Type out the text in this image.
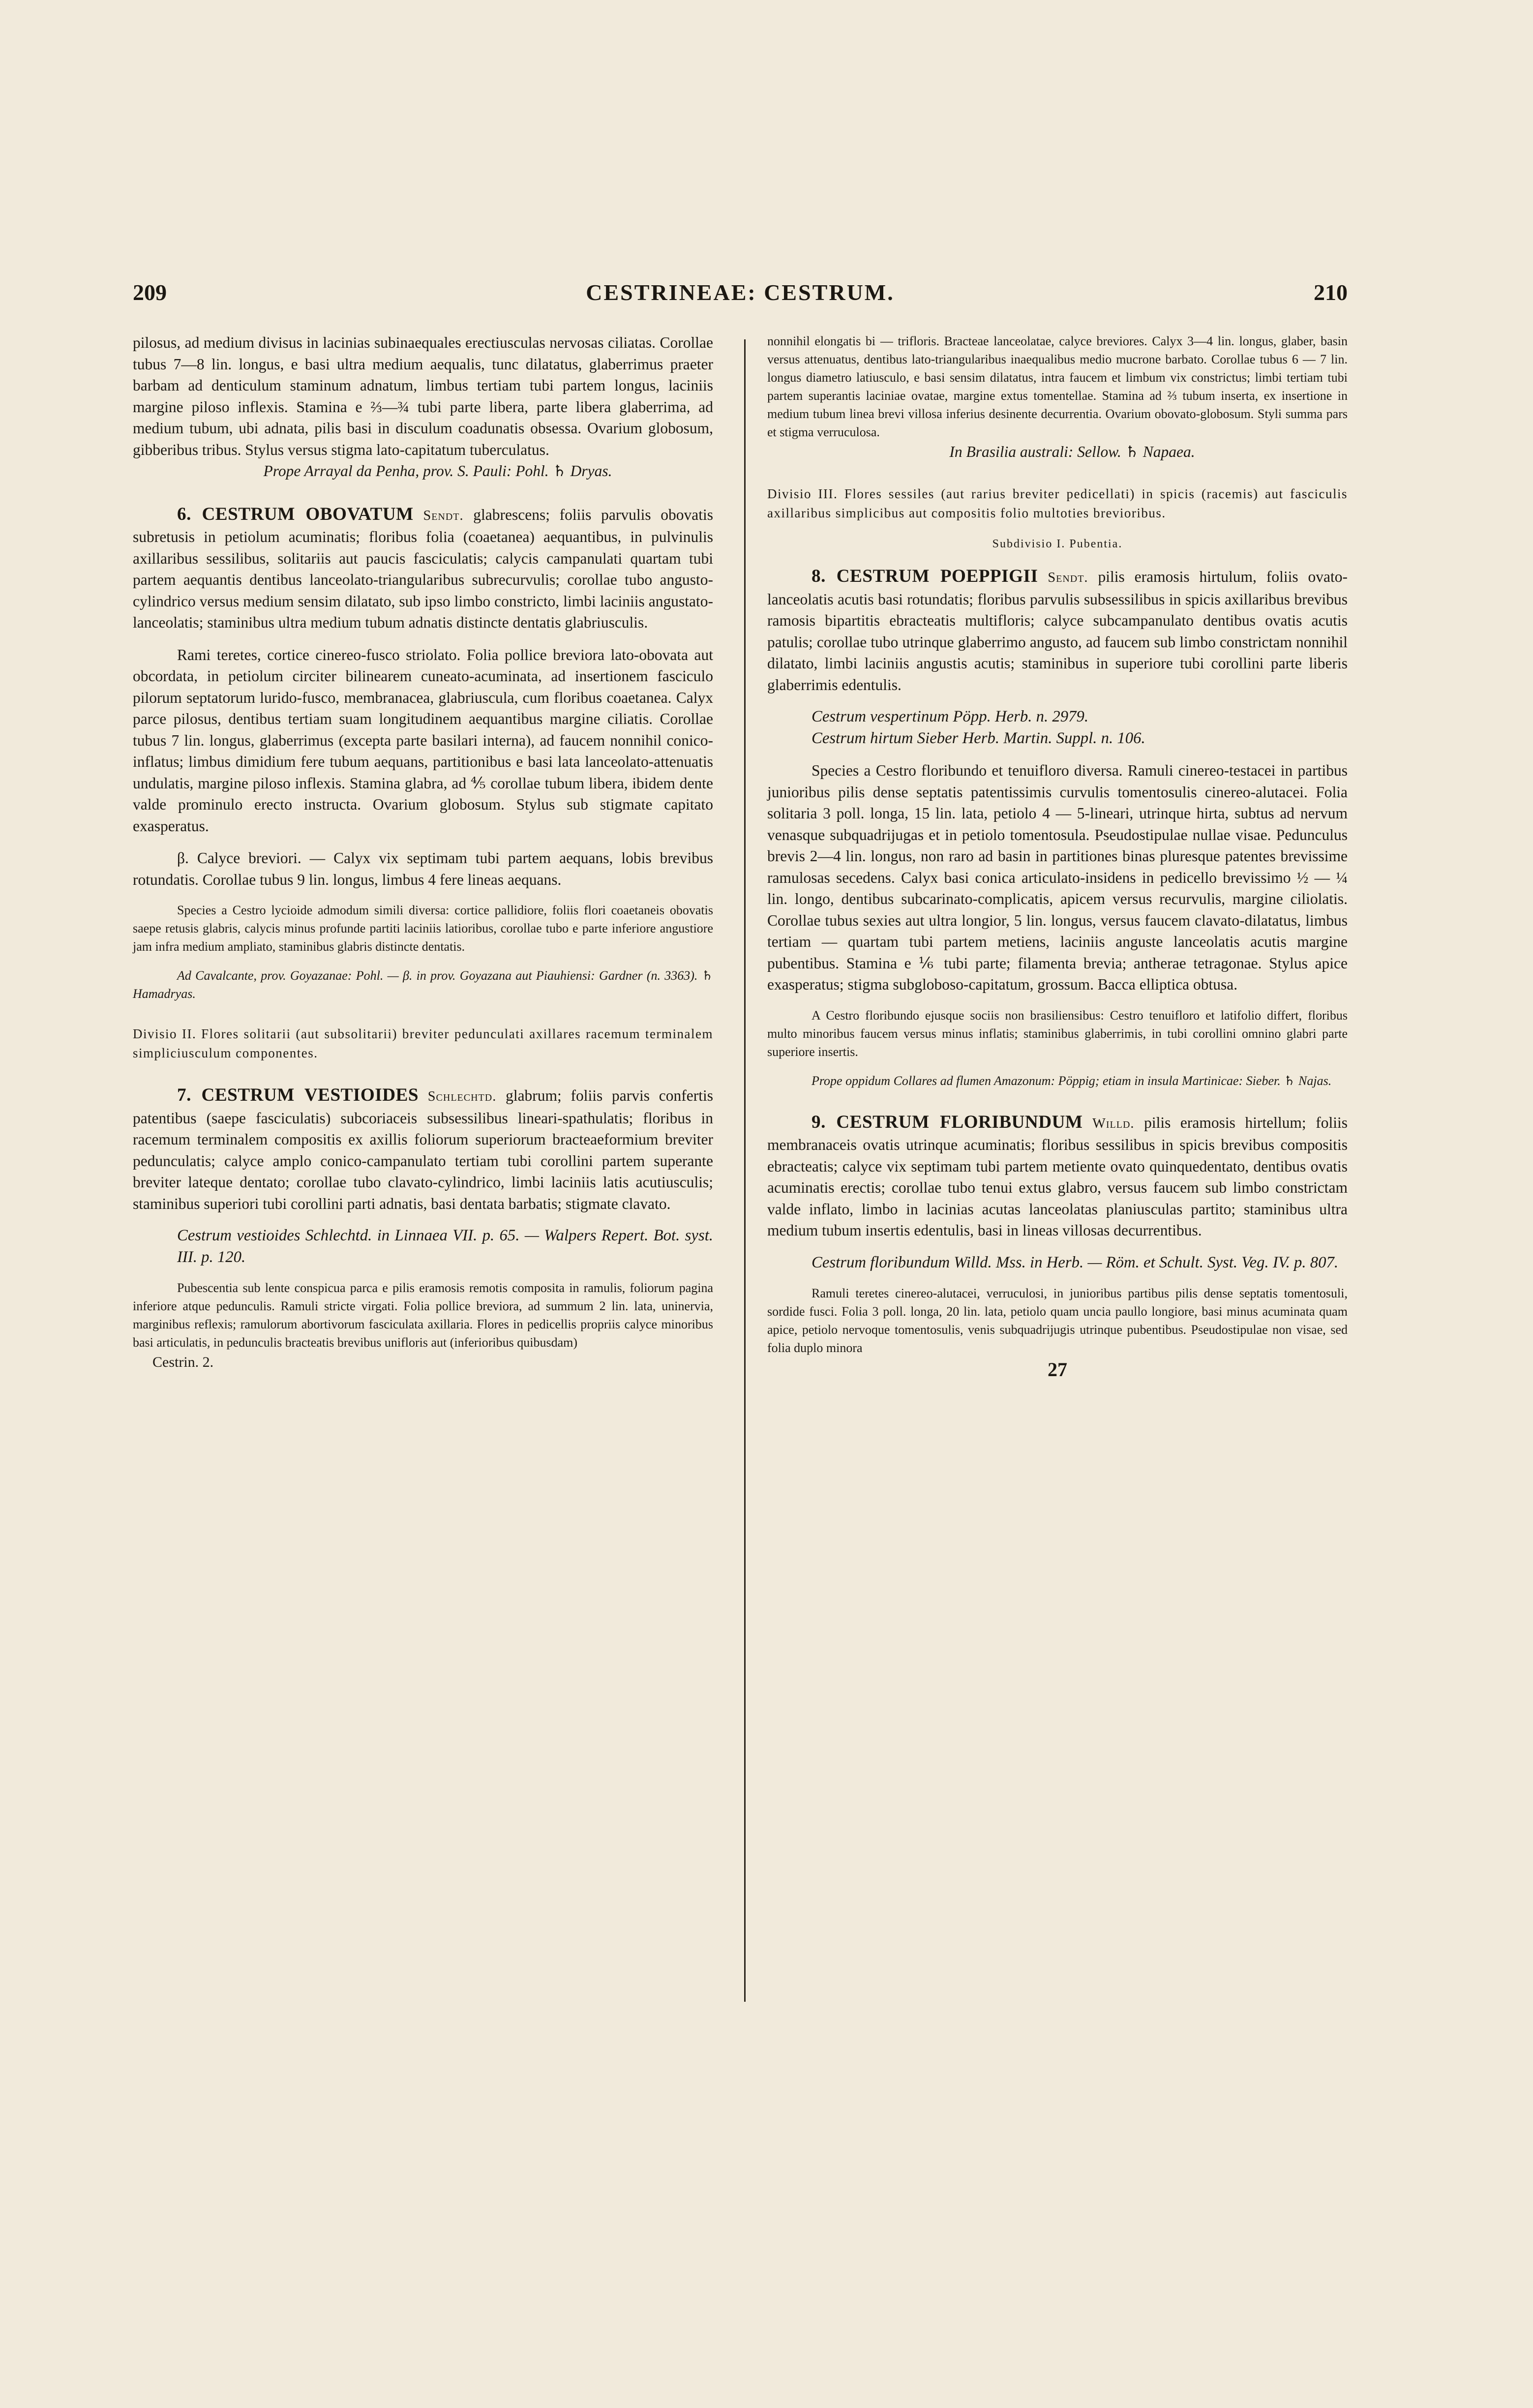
209	CESTRINEAE: CESTRUM.	210

pilosus, ad medium divisus in lacinias subinaequales erectiusculas nervosas ciliatas. Corollae tubus 7—8 lin. longus, e basi ultra medium aequalis, tunc dilatatus, glaberrimus praeter barbam ad denticulum staminum adnatum, limbus tertiam tubi partem longus, laciniis margine piloso inflexis. Stamina e ⅔—¾ tubi parte libera, parte libera glaberrima, ad medium tubum, ubi adnata, pilis basi in disculum coadunatis obsessa. Ovarium globosum, gibberibus tribus. Stylus versus stigma lato-capitatum tuberculatus.

Prope Arrayal da Penha, prov. S. Pauli: Pohl. ♄ Dryas.

6. CESTRUM OBOVATUM Sendt. glabrescens; foliis parvulis obovatis subretusis in petiolum acuminatis; floribus folia (coaetanea) aequantibus, in pulvinulis axillaribus sessilibus, solitariis aut paucis fasciculatis; calycis campanulati quartam tubi partem aequantis dentibus lanceolato-triangularibus subrecurvulis; corollae tubo angusto-cylindrico versus medium sensim dilatato, sub ipso limbo constricto, limbi laciniis angustato-lanceolatis; staminibus ultra medium tubum adnatis distincte dentatis glabriusculis.

Rami teretes, cortice cinereo-fusco striolato. Folia pollice breviora lato-obovata aut obcordata, in petiolum circiter bilinearem cuneato-acuminata, ad insertionem fasciculo pilorum septatorum lurido-fusco, membranacea, glabriuscula, cum floribus coaetanea. Calyx parce pilosus, dentibus tertiam suam longitudinem aequantibus margine ciliatis. Corollae tubus 7 lin. longus, glaberrimus (excepta parte basilari interna), ad faucem nonnihil conico-inflatus; limbus dimidium fere tubum aequans, partitionibus e basi lata lanceolato-attenuatis undulatis, margine piloso inflexis. Stamina glabra, ad ⅘ corollae tubum libera, ibidem dente valde prominulo erecto instructa. Ovarium globosum. Stylus sub stigmate capitato exasperatus.

β. Calyce breviori. — Calyx vix septimam tubi partem aequans, lobis brevibus rotundatis. Corollae tubus 9 lin. longus, limbus 4 fere lineas aequans.

Species a Cestro lycioide admodum simili diversa: cortice pallidiore, foliis flori coaetaneis obovatis saepe retusis glabris, calycis minus profunde partiti laciniis latioribus, corollae tubo e parte inferiore angustiore jam infra medium ampliato, staminibus glabris distincte dentatis.

Ad Cavalcante, prov. Goyazanae: Pohl. — β. in prov. Goyazana aut Piauhiensi: Gardner (n. 3363). ♄ Hamadryas.

Divisio II. Flores solitarii (aut subsolitarii) breviter pedunculati axillares racemum terminalem simpliciusculum componentes.

7. CESTRUM VESTIOIDES Schlechtd. glabrum; foliis parvis confertis patentibus (saepe fasciculatis) subcoriaceis subsessilibus lineari-spathulatis; floribus in racemum terminalem compositis ex axillis foliorum superiorum bracteaeformium breviter pedunculatis; calyce amplo conico-campanulato tertiam tubi corollini partem superante breviter lateque dentato; corollae tubo clavato-cylindrico, limbi laciniis latis acutiusculis; staminibus superiori tubi corollini parti adnatis, basi dentata barbatis; stigmate clavato.

Cestrum vestioides Schlechtd. in Linnaea VII. p. 65. — Walpers Repert. Bot. syst. III. p. 120.

Pubescentia sub lente conspicua parca e pilis eramosis remotis composita in ramulis, foliorum pagina inferiore atque pedunculis. Ramuli stricte virgati. Folia pollice breviora, ad summum 2 lin. lata, uninervia, marginibus reflexis; ramulorum abortivorum fasciculata axillaria. Flores in pedicellis propriis calyce minoribus basi articulatis, in pedunculis bracteatis brevibus unifloris aut (inferioribus quibusdam)

Cestrin. 2.

nonnihil elongatis bi — trifloris. Bracteae lanceolatae, calyce breviores. Calyx 3—4 lin. longus, glaber, basin versus attenuatus, dentibus lato-triangularibus inaequalibus medio mucrone barbato. Corollae tubus 6 — 7 lin. longus diametro latiusculo, e basi sensim dilatatus, intra faucem et limbum vix constrictus; limbi tertiam tubi partem superantis laciniae ovatae, margine extus tomentellae. Stamina ad ⅔ tubum inserta, ex insertione in medium tubum linea brevi villosa inferius desinente decurrentia. Ovarium obovato-globosum. Styli summa pars et stigma verruculosa.

In Brasilia australi: Sellow. ♄ Napaea.

Divisio III. Flores sessiles (aut rarius breviter pedicellati) in spicis (racemis) aut fasciculis axillaribus simplicibus aut compositis folio multoties brevioribus.

Subdivisio I. Pubentia.

8. CESTRUM POEPPIGII Sendt. pilis eramosis hirtulum, foliis ovato-lanceolatis acutis basi rotundatis; floribus parvulis subsessilibus in spicis axillaribus brevibus ramosis bipartitis ebracteatis multifloris; calyce subcampanulato dentibus ovatis acutis patulis; corollae tubo utrinque glaberrimo angusto, ad faucem sub limbo constrictam nonnihil dilatato, limbi laciniis angustis acutis; staminibus in superiore tubi corollini parte liberis glaberrimis edentulis.

Cestrum vespertinum Pöpp. Herb. n. 2979.

Cestrum hirtum Sieber Herb. Martin. Suppl. n. 106.

Species a Cestro floribundo et tenuifloro diversa. Ramuli cinereo-testacei in partibus junioribus pilis dense septatis patentissimis curvulis tomentosulis cinereo-alutacei. Folia solitaria 3 poll. longa, 15 lin. lata, petiolo 4 — 5-lineari, utrinque hirta, subtus ad nervum venasque subquadrijugas et in petiolo tomentosula. Pseudostipulae nullae visae. Pedunculus brevis 2—4 lin. longus, non raro ad basin in partitiones binas pluresque patentes brevissime ramulosas secedens. Calyx basi conica articulato-insidens in pedicello brevissimo ½ — ¼ lin. longo, dentibus subcarinato-complicatis, apicem versus recurvulis, margine ciliolatis. Corollae tubus sexies aut ultra longior, 5 lin. longus, versus faucem clavato-dilatatus, limbus tertiam — quartam tubi partem metiens, laciniis anguste lanceolatis acutis margine pubentibus. Stamina e ⅙ tubi parte; filamenta brevia; antherae tetragonae. Stylus apice exasperatus; stigma subgloboso-capitatum, grossum. Bacca elliptica obtusa.

A Cestro floribundo ejusque sociis non brasiliensibus: Cestro tenuifloro et latifolio differt, floribus multo minoribus faucem versus minus inflatis; staminibus glaberrimis, in tubi corollini omnino glabri parte superiore insertis.

Prope oppidum Collares ad flumen Amazonum: Pöppig; etiam in insula Martinicae: Sieber. ♄ Najas.

9. CESTRUM FLORIBUNDUM Willd. pilis eramosis hirtellum; foliis membranaceis ovatis utrinque acuminatis; floribus sessilibus in spicis brevibus compositis ebracteatis; calyce vix septimam tubi partem metiente ovato quinquedentato, dentibus ovatis acuminatis erectis; corollae tubo tenui extus glabro, versus faucem sub limbo constrictam valde inflato, limbo in lacinias acutas lanceolatas planiusculas partito; staminibus ultra medium tubum insertis edentulis, basi in lineas villosas decurrentibus.

Cestrum floribundum Willd. Mss. in Herb. — Röm. et Schult. Syst. Veg. IV. p. 807.

Ramuli teretes cinereo-alutacei, verruculosi, in junioribus partibus pilis dense septatis tomentosuli, sordide fusci. Folia 3 poll. longa, 20 lin. lata, petiolo quam uncia paullo longiore, basi minus acuminata quam apice, petiolo nervoque tomentosulis, venis subquadrijugis utrinque pubentibus. Pseudostipulae non visae, sed folia duplo minora

27
